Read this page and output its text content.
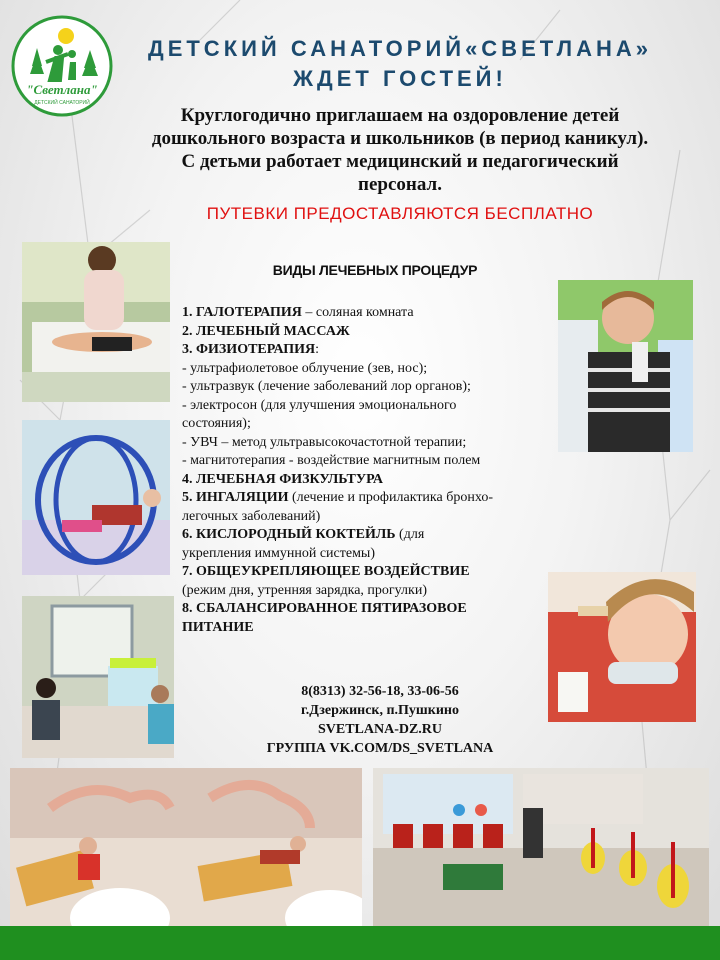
"Светлана"
ДЕТСКИЙ САНАТОРИЙ
ДЕТСКИЙ САНАТОРИЙ«СВЕТЛАНА»
ЖДЕТ ГОСТЕЙ!
Круглогодично приглашаем на оздоровление детей
дошкольного возраста и школьников (в период каникул).
С детьми работает медицинский и педагогический
персонал.
ПУТЕВКИ ПРЕДОСТАВЛЯЮТСЯ БЕСПЛАТНО
ВИДЫ ЛЕЧЕБНЫХ ПРОЦЕДУР
1. ГАЛОТЕРАПИЯ – соляная комната
2. ЛЕЧЕБНЫЙ МАССАЖ
3. ФИЗИОТЕРАПИЯ:
- ультрафиолетовое облучение (зев, нос);
- ультразвук (лечение заболеваний лор органов);
- электросон (для улучшения эмоционального
состояния);
- УВЧ – метод ультравысокочастотной терапии;
- магнитотерапия - воздействие магнитным полем
4. ЛЕЧЕБНАЯ ФИЗКУЛЬТУРА
5. ИНГАЛЯЦИИ (лечение и профилактика бронхо-
легочных заболеваний)
6. КИСЛОРОДНЫЙ КОКТЕЙЛЬ (для
укрепления иммунной системы)
7. ОБЩЕУКРЕПЛЯЮЩЕЕ ВОЗДЕЙСТВИЕ
(режим дня, утренняя зарядка, прогулки)
8. СБАЛАНСИРОВАННОЕ ПЯТИРАЗОВОЕ
ПИТАНИЕ
8(8313) 32-56-18, 33-06-56
г.Дзержинск, п.Пушкино
SVETLANA-DZ.RU
ГРУППА VK.COM/DS_SVETLANA
